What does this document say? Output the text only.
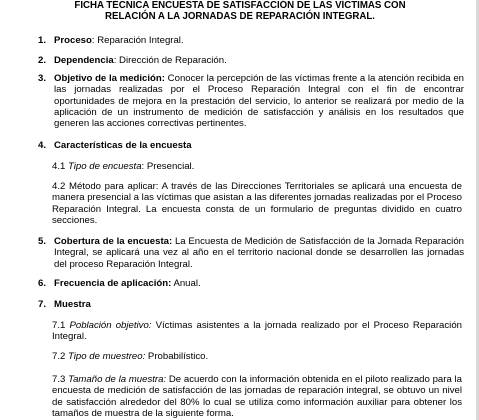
FICHA TÉCNICA ENCUESTA DE SATISFACCIÓN DE LAS VÍCTIMAS CON
RELACIÓN A LA JORNADAS DE REPARACIÓN INTEGRAL.
1. Proceso: Reparación Integral.
2. Dependencia: Dirección de Reparación.
3. Objetivo de la medición: Conocer la percepción de las víctimas frente a la atención recibida en las jornadas realizadas por el Proceso Reparación Integral con el fin de encontrar oportunidades de mejora en la prestación del servicio, lo anterior se realizará por medio de la aplicación de un instrumento de medición de satisfacción y análisis en los resultados que generen las acciones correctivas pertinentes.
4. Características de la encuesta
4.1 Tipo de encuesta: Presencial.
4.2 Método para aplicar: A través de las Direcciones Territoriales se aplicará una encuesta de manera presencial a las víctimas que asistan a las diferentes jornadas realizadas por el Proceso Reparación Integral. La encuesta consta de un formulario de preguntas dividido en cuatro secciones.
5. Cobertura de la encuesta: La Encuesta de Medición de Satisfacción de la Jornada Reparación Integral, se aplicará una vez al año en el territorio nacional donde se desarrollen las jornadas del proceso Reparación Integral.
6. Frecuencia de aplicación: Anual.
7. Muestra
7.1 Población objetivo: Víctimas asistentes a la jornada realizado por el Proceso Reparación Integral.
7.2 Tipo de muestreo: Probabilístico.
7.3 Tamaño de la muestra: De acuerdo con la información obtenida en el piloto realizado para la encuesta de medición de satisfacción de las jornadas de reparación integral, se obtuvo un nivel de satisfacción alrededor del 80% lo cual se utiliza como información auxiliar para obtener los tamaños de muestra de la siguiente forma.
